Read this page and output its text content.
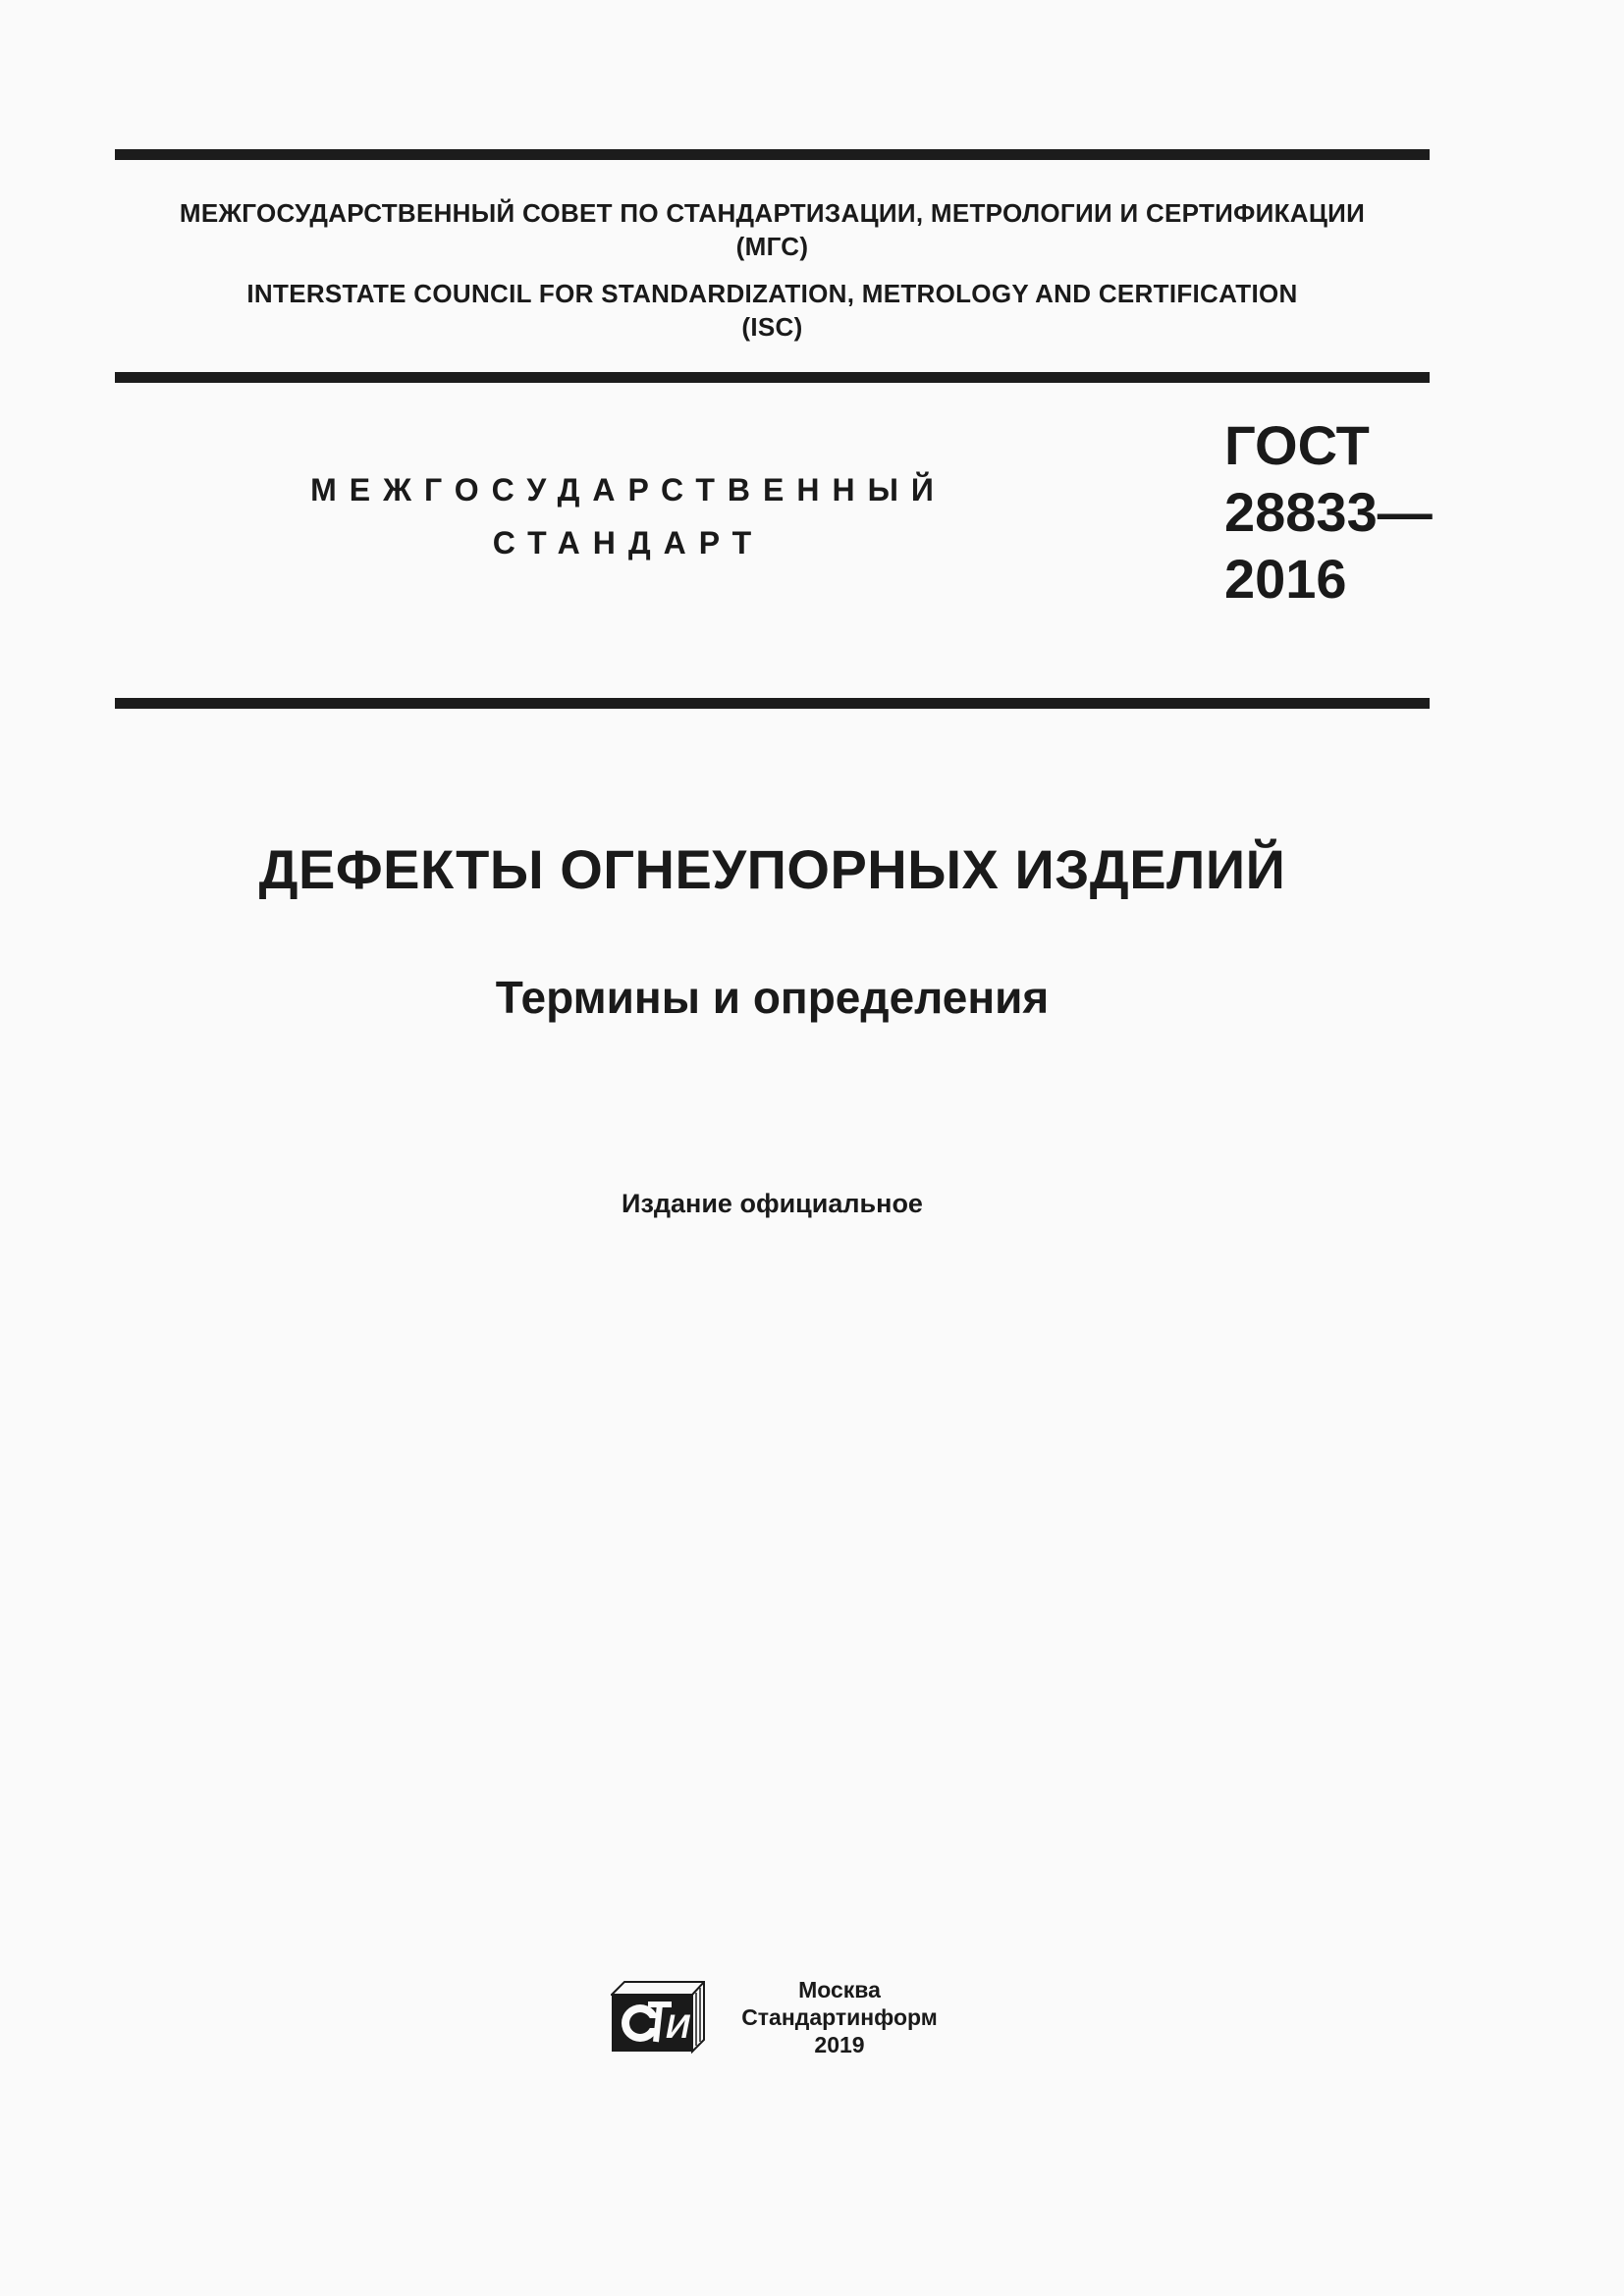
МЕЖГОСУДАРСТВЕННЫЙ СОВЕТ ПО СТАНДАРТИЗАЦИИ, МЕТРОЛОГИИ И СЕРТИФИКАЦИИ
(МГС)
INTERSTATE COUNCIL FOR STANDARDIZATION, METROLOGY AND CERTIFICATION
(ISC)
МЕЖГОСУДАРСТВЕННЫЙ
СТАНДАРТ
ГОСТ
28833—
2016
ДЕФЕКТЫ ОГНЕУПОРНЫХ ИЗДЕЛИЙ
Термины и определения
Издание официальное
И
Москва
Стандартинформ
2019
